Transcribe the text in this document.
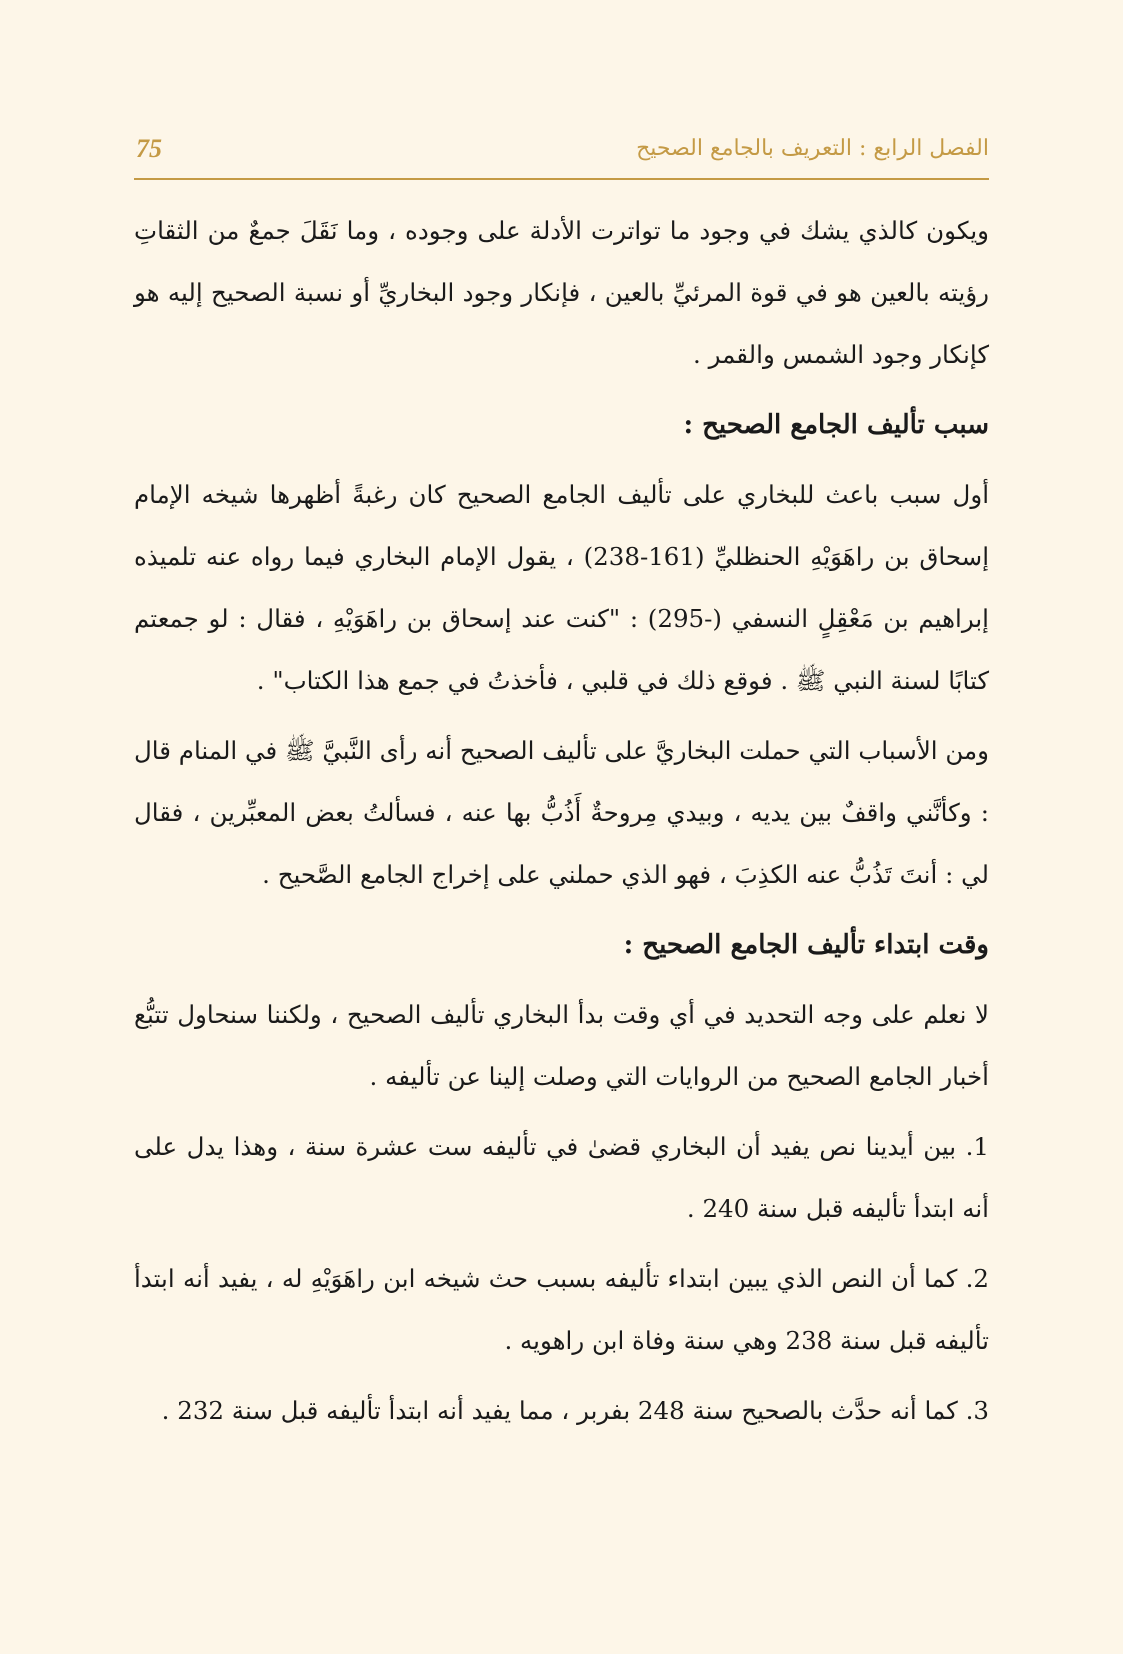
الفصل الرابع : التعريف بالجامع الصحيح
75

ويكون كالذي يشك في وجود ما تواترت الأدلة على وجوده ، وما نَقَلَ جمعٌ من الثقاتِ رؤيته بالعين هو في قوة المرئيِّ بالعين ، فإنكار وجود البخاريِّ أو نسبة الصحيح إليه هو كإنكار وجود الشمس والقمر .

سبب تأليف الجامع الصحيح :

أول سبب باعث للبخاري على تأليف الجامع الصحيح كان رغبةً أظهرها شيخه الإمام إسحاق بن راهَوَيْهِ الحنظليِّ (161-238) ، يقول الإمام البخاري فيما رواه عنه تلميذه إبراهيم بن مَعْقِلٍ النسفي (-295) : "كنت عند إسحاق بن راهَوَيْهِ ، فقال : لو جمعتم كتابًا لسنة النبي ﷺ . فوقع ذلك في قلبي ، فأخذتُ في جمع هذا الكتاب" .

ومن الأسباب التي حملت البخاريَّ على تأليف الصحيح أنه رأى النَّبيَّ ﷺ في المنام قال : وكأنَّني واقفٌ بين يديه ، وبيدي مِروحةٌ أَذُبُّ بها عنه ، فسألتُ بعض المعبِّرين ، فقال لي : أنتَ تَذُبُّ عنه الكذِبَ ، فهو الذي حملني على إخراج الجامع الصَّحيح .

وقت ابتداء تأليف الجامع الصحيح :

لا نعلم على وجه التحديد في أي وقت بدأ البخاري تأليف الصحيح ، ولكننا سنحاول تتبُّع أخبار الجامع الصحيح من الروايات التي وصلت إلينا عن تأليفه .

1. بين أيدينا نص يفيد أن البخاري قضىٰ في تأليفه ست عشرة سنة ، وهذا يدل على أنه ابتدأ تأليفه قبل سنة 240 .
2. كما أن النص الذي يبين ابتداء تأليفه بسبب حث شيخه ابن راهَوَيْهِ له ، يفيد أنه ابتدأ تأليفه قبل سنة 238 وهي سنة وفاة ابن راهويه .
3. كما أنه حدَّث بالصحيح سنة 248 بفربر ، مما يفيد أنه ابتدأ تأليفه قبل سنة 232 .
